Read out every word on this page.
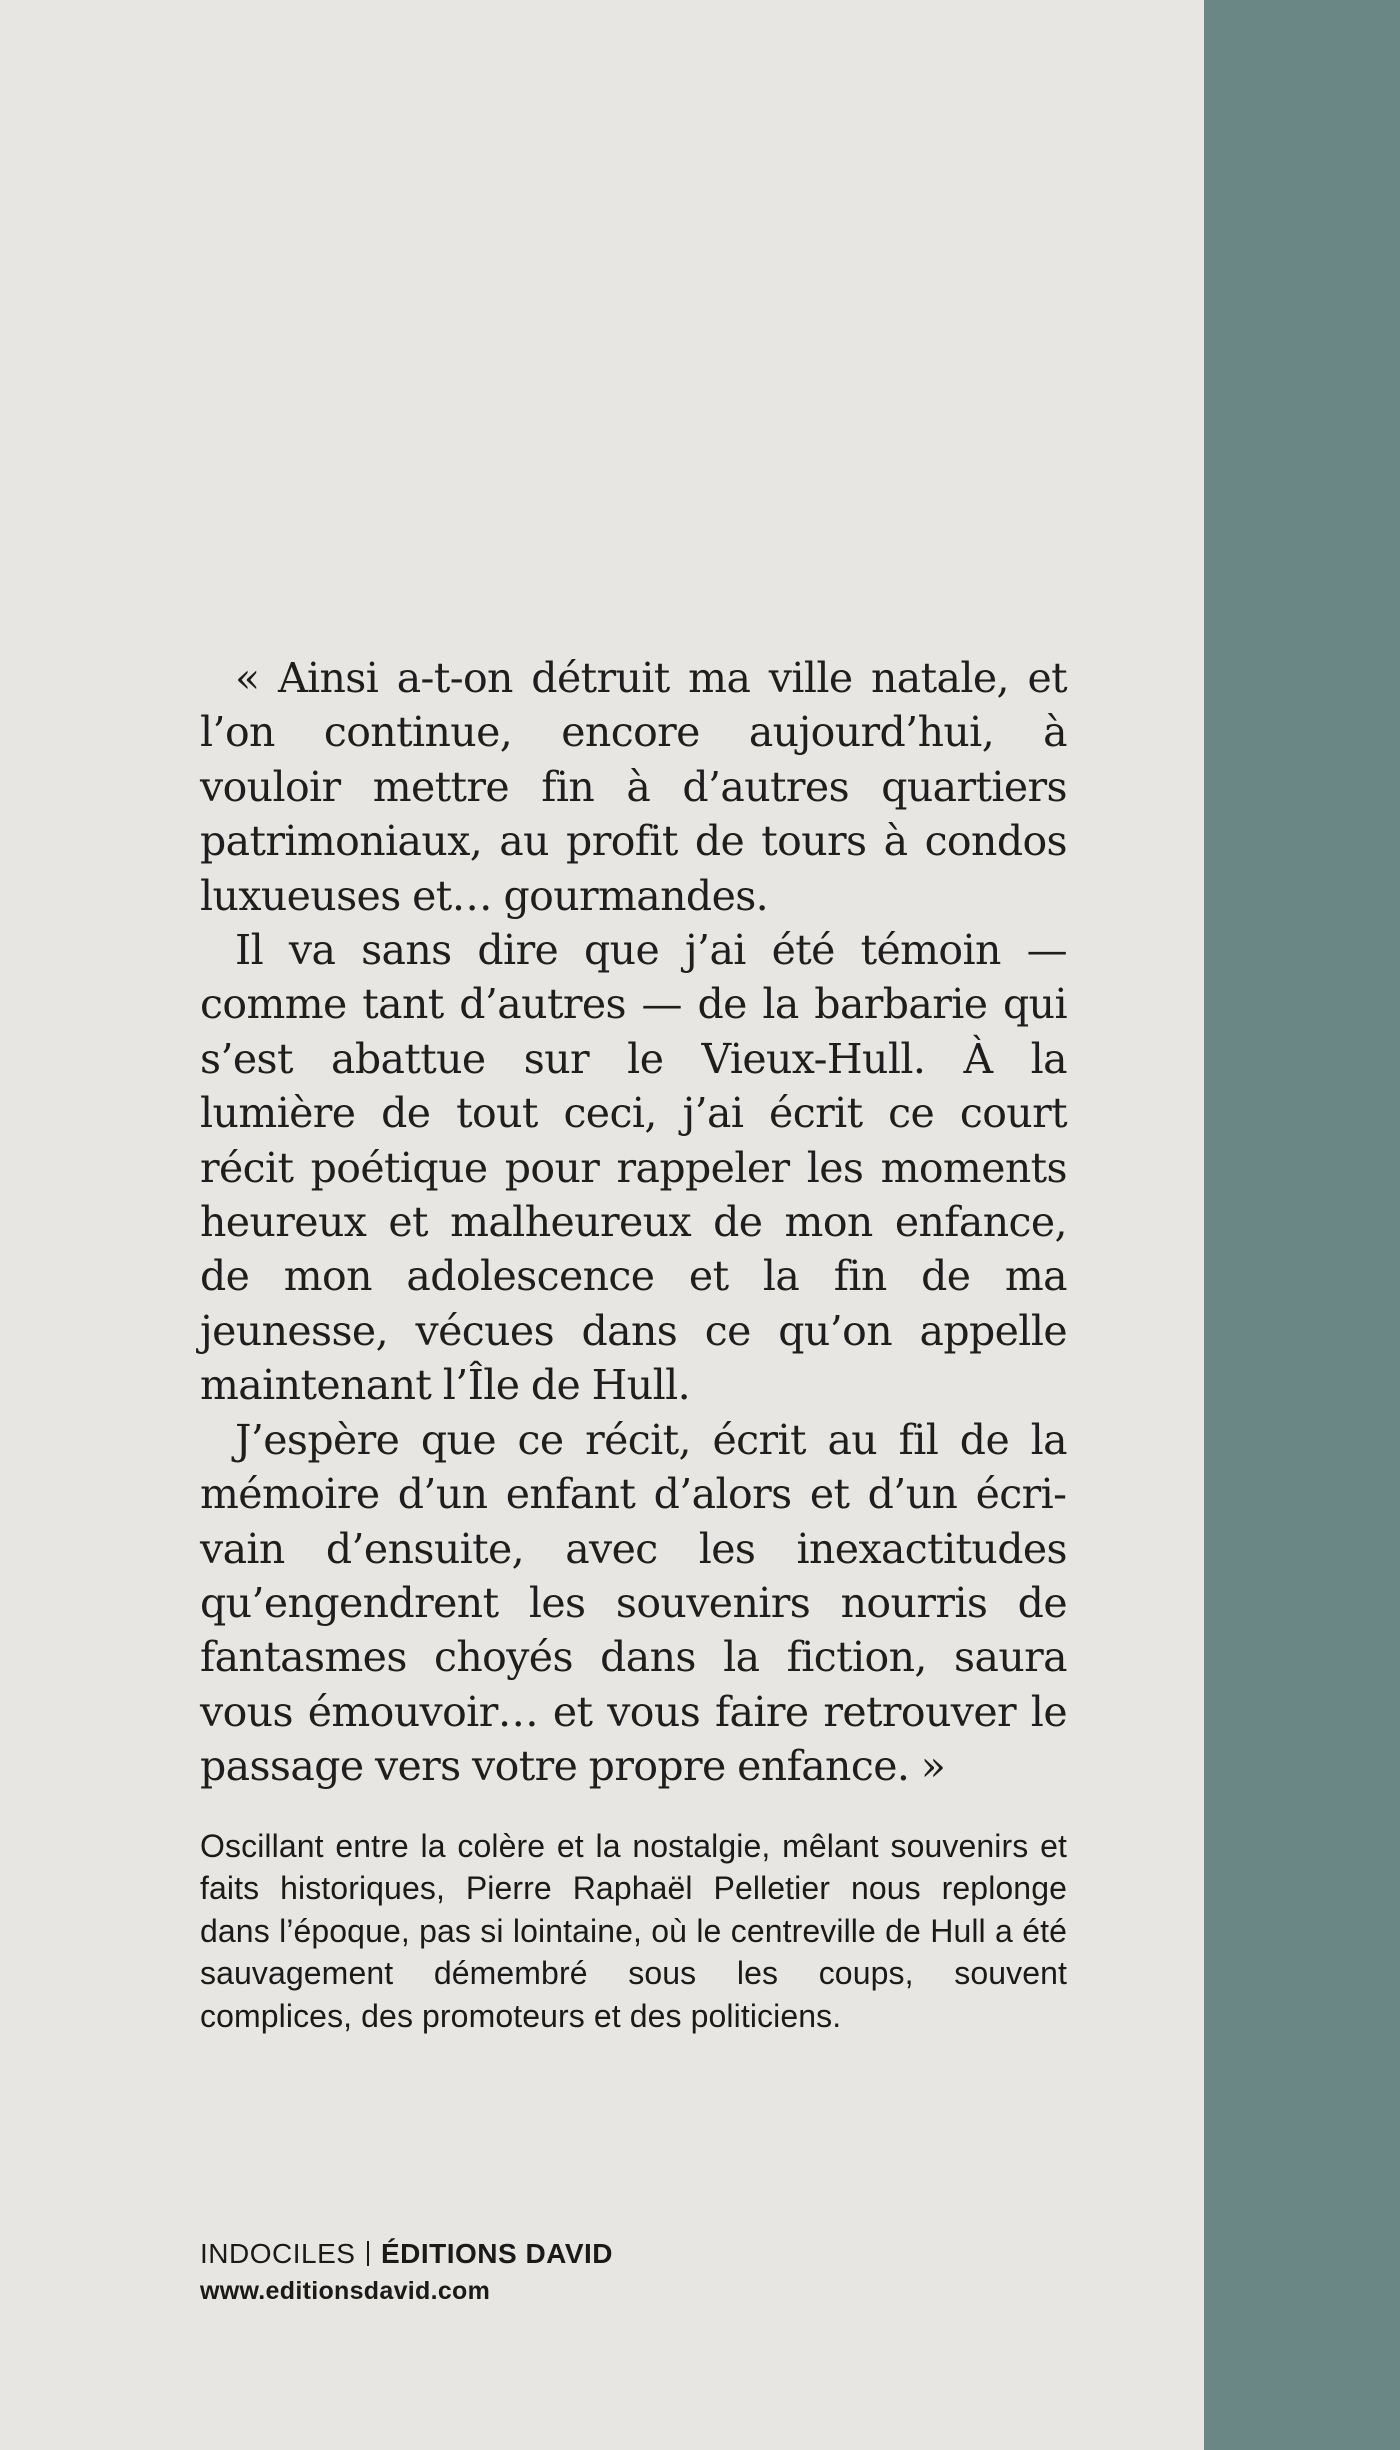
« Ainsi a-t-on détruit ma ville natale, et l’on continue, encore aujourd’hui, à vouloir mettre fin à d’autres quartiers patrimoniaux, au profit de tours à condos luxueuses et… gourmandes.

Il va sans dire que j’ai été témoin — comme tant d’autres — de la barbarie qui s’est abattue sur le Vieux-Hull. À la lumière de tout ceci, j’ai écrit ce court récit poétique pour rappeler les moments heureux et malheureux de mon enfance, de mon adolescence et la fin de ma jeunesse, vécues dans ce qu’on appelle maintenant l’Île de Hull.

J’espère que ce récit, écrit au fil de la mémoire d’un enfant d’alors et d’un écrivain d’ensuite, avec les inexactitudes qu’engendrent les souvenirs nourris de fantasmes choyés dans la fiction, saura vous émouvoir… et vous faire retrouver le passage vers votre propre enfance. »

Oscillant entre la colère et la nostalgie, mêlant souvenirs et faits historiques, Pierre Raphaël Pelletier nous replonge dans l’époque, pas si lointaine, où le centreville de Hull a été sauvagement démembré sous les coups, souvent complices, des promoteurs et des politiciens.

INDOCILES ÉDITIONS DAVID
www.editionsdavid.com
